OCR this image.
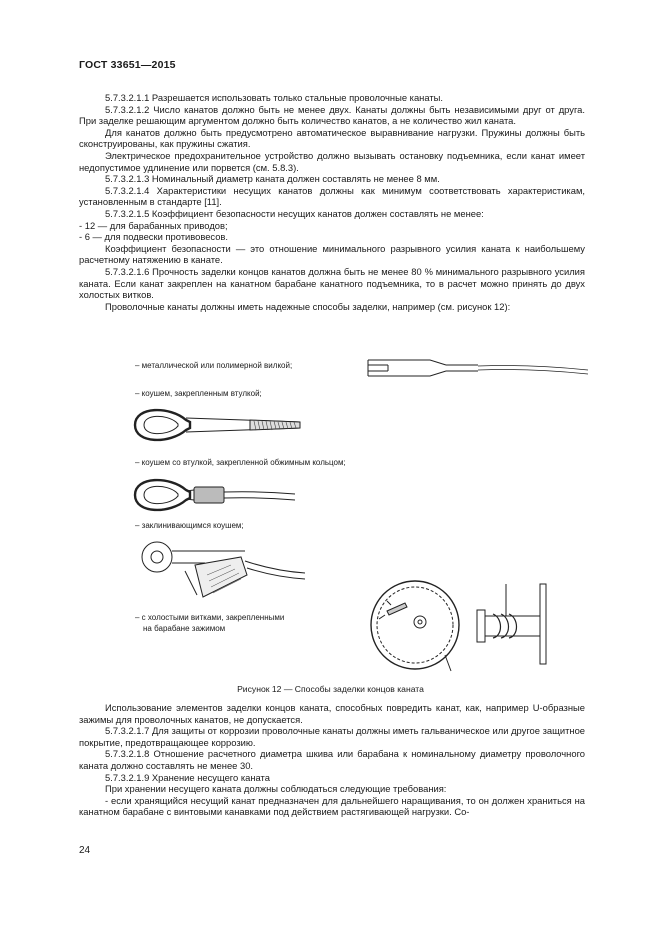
ГОСТ 33651—2015

5.7.3.2.1.1 Разрешается использовать только стальные проволочные канаты.

5.7.3.2.1.2 Число канатов должно быть не менее двух. Канаты должны быть независимыми друг от друга. При заделке решающим аргументом должно быть количество канатов, а не количество жил каната.

Для канатов должно быть предусмотрено автоматическое выравнивание нагрузки. Пружины должны быть сконструированы, как пружины сжатия.

Электрическое предохранительное устройство должно вызывать остановку подъемника, если канат имеет недопустимое удлинение или порвется (см. 5.8.3).

5.7.3.2.1.3 Номинальный диаметр каната должен составлять не менее 8 мм.

5.7.3.2.1.4 Характеристики несущих канатов должны как минимум соответствовать характеристикам, установленным в стандарте [11].

5.7.3.2.1.5 Коэффициент безопасности несущих канатов должен составлять не менее:

- 12 — для барабанных приводов;

- 6 — для подвески противовесов.

Коэффициент безопасности — это отношение минимального разрывного усилия каната к наибольшему расчетному натяжению в канате.

5.7.3.2.1.6 Прочность заделки концов канатов должна быть не менее 80 % минимального разрывного усилия каната. Если канат закреплен на канатном барабане канатного подъемника, то в расчет можно принять до двух холостых витков.

Проволочные канаты должны иметь надежные способы заделки, например (см. рисунок 12):

– металлической или полимерной вилкой;
– коушем, закрепленным втулкой;
– коушем со втулкой, закрепленной обжимным кольцом;
– заклинивающимся коушем;
– с холостыми витками, закрепленными
на барабане зажимом
Рисунок 12 — Способы заделки концов каната

Использование элементов заделки концов каната, способных повредить канат, как, например U-образные зажимы для проволочных канатов, не допускается.

5.7.3.2.1.7 Для защиты от коррозии проволочные канаты должны иметь гальваническое или другое защитное покрытие, предотвращающее коррозию.

5.7.3.2.1.8 Отношение расчетного диаметра шкива или барабана к номинальному диаметру проволочного каната должно составлять не менее 30.

5.7.3.2.1.9 Хранение несущего каната

При хранении несущего каната должны соблюдаться следующие требования:

- если хранящийся несущий канат предназначен для дальнейшего наращивания, то он должен храниться на канатном барабане с винтовыми канавками под действием растягивающей нагрузки. Со-

24
